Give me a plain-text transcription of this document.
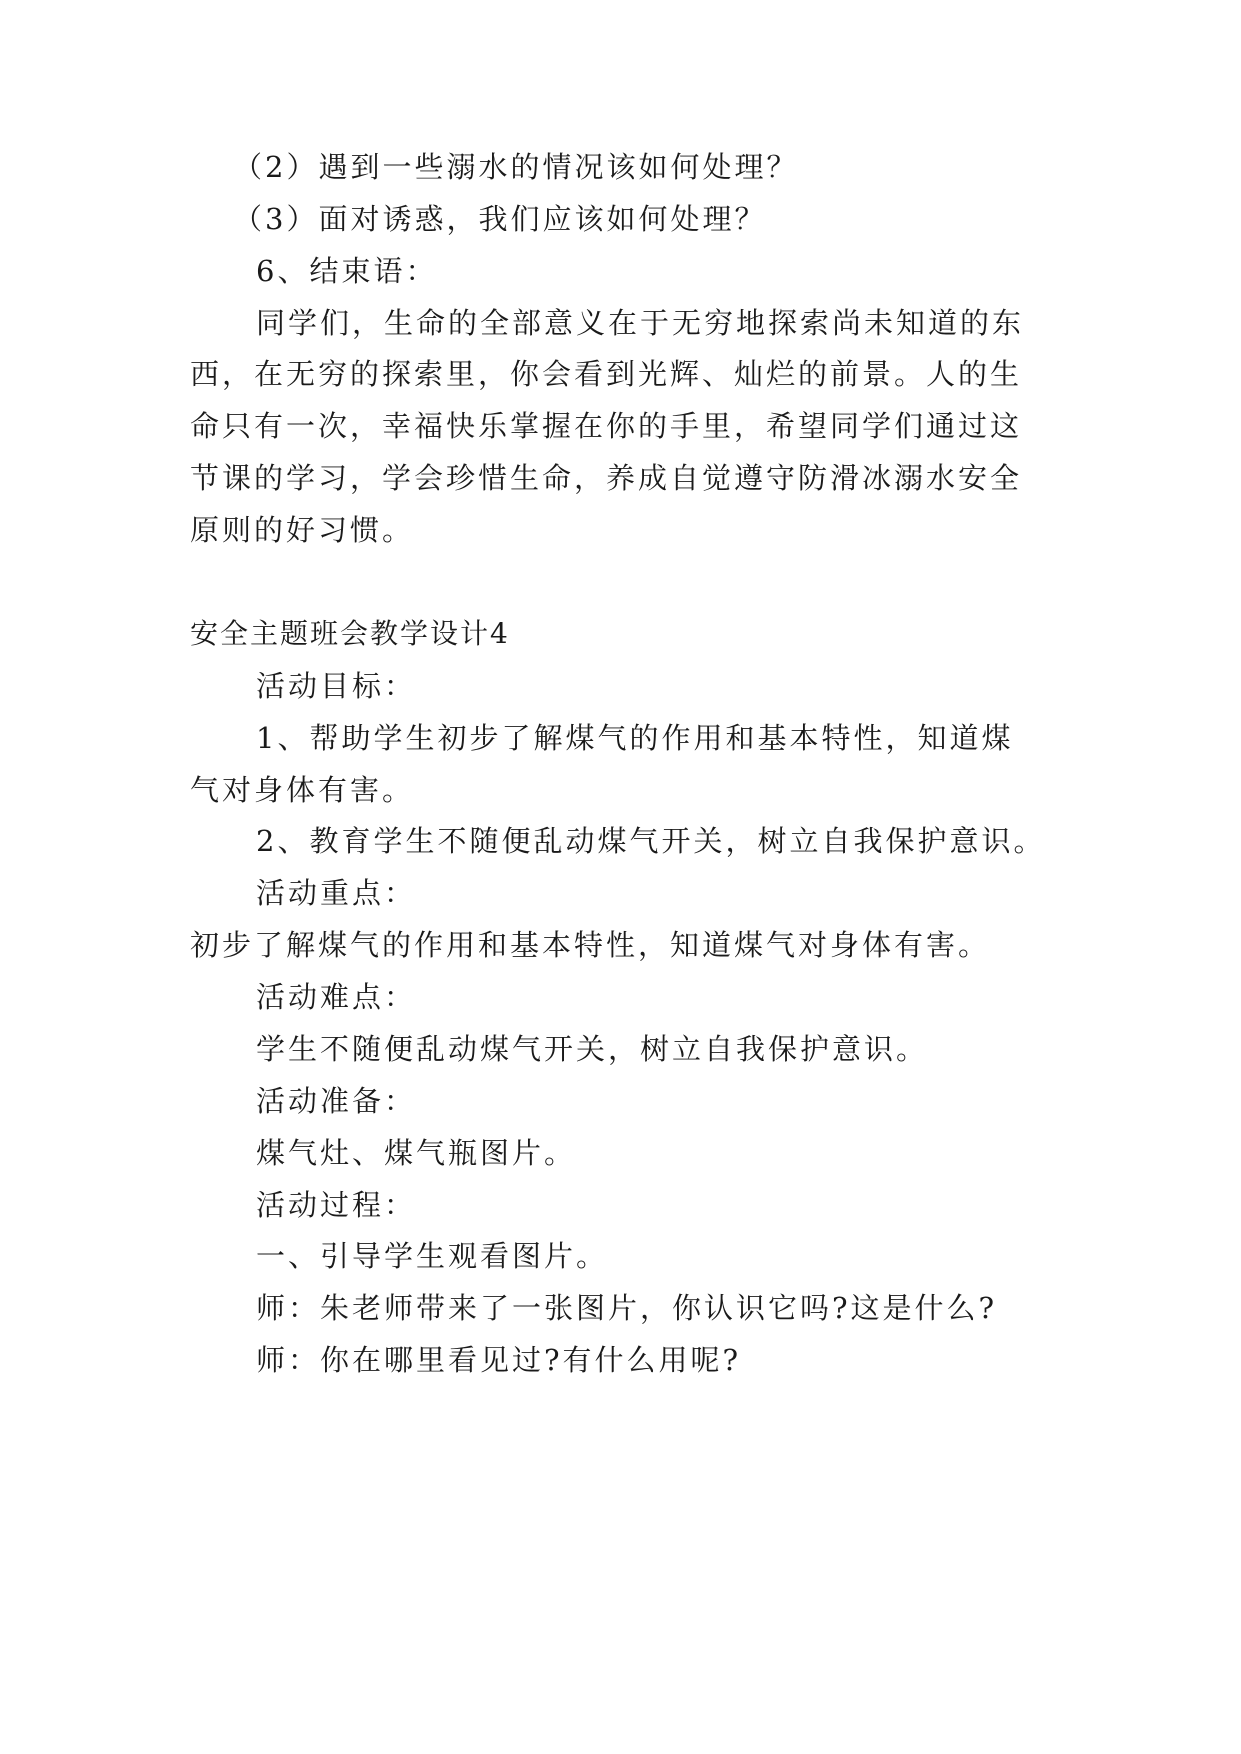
（2）遇到一些溺水的情况该如何处理？
（3）面对诱惑，我们应该如何处理？
6、结束语：
同学们，生命的全部意义在于无穷地探索尚未知道的东
西，在无穷的探索里，你会看到光辉、灿烂的前景。人的生
命只有一次，幸福快乐掌握在你的手里，希望同学们通过这
节课的学习，学会珍惜生命，养成自觉遵守防滑冰溺水安全
原则的好习惯。
安全主题班会教学设计4
活动目标：
1、帮助学生初步了解煤气的作用和基本特性，知道煤
气对身体有害。
2、教育学生不随便乱动煤气开关，树立自我保护意识。
活动重点：
初步了解煤气的作用和基本特性，知道煤气对身体有害。
活动难点：
学生不随便乱动煤气开关，树立自我保护意识。
活动准备：
煤气灶、煤气瓶图片。
活动过程：
一、引导学生观看图片。
师：朱老师带来了一张图片，你认识它吗?这是什么?
师：你在哪里看见过?有什么用呢?
